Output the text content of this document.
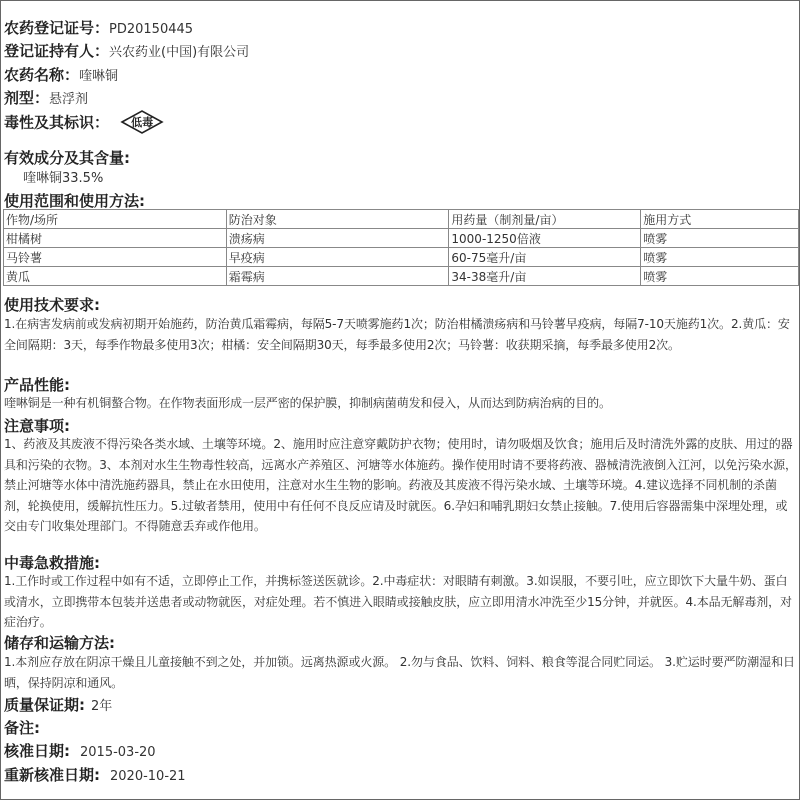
农药登记证号： PD20150445
登记证持有人： 兴农药业(中国)有限公司
农药名称： 喹啉铜
剂型： 悬浮剂
毒性及其标识：	低毒
有效成分及其含量:
喹啉铜33.5%
使用范围和使用方法:
作物/场所	防治对象	用药量（制剂量/亩）	施用方式
柑橘树	溃疡病	1000-1250倍液	喷雾
马铃薯	早疫病	60-75毫升/亩	喷雾
黄瓜	霜霉病	34-38毫升/亩	喷雾
使用技术要求:
1.在病害发病前或发病初期开始施药，防治黄瓜霜霉病，每隔5-7天喷雾施药1次；防治柑橘溃疡病和马铃薯早疫病，每隔7-10天施药1次。2.黄瓜：安全间隔期：3天，每季作物最多使用3次；柑橘：安全间隔期30天，每季最多使用2次；马铃薯：收获期采摘，每季最多使用2次。
产品性能:
喹啉铜是一种有机铜螯合物。在作物表面形成一层严密的保护膜，抑制病菌萌发和侵入，从而达到防病治病的目的。
注意事项:
1、药液及其废液不得污染各类水域、土壤等环境。2、施用时应注意穿戴防护衣物；使用时，请勿吸烟及饮食；施用后及时清洗外露的皮肤、用过的器具和污染的衣物。3、本剂对水生生物毒性较高，远离水产养殖区、河塘等水体施药。操作使用时请不要将药液、器械清洗液倒入江河，以免污染水源，禁止河塘等水体中清洗施药器具，禁止在水田使用，注意对水生生物的影响。药液及其废液不得污染水域、土壤等环境。4.建议选择不同机制的杀菌剂，轮换使用，缓解抗性压力。5.过敏者禁用，使用中有任何不良反应请及时就医。6.孕妇和哺乳期妇女禁止接触。7.使用后容器需集中深埋处理，或交由专门收集处理部门。不得随意丢弃或作他用。
中毒急救措施:
1.工作时或工作过程中如有不适，立即停止工作，并携标签送医就诊。2.中毒症状：对眼睛有刺激。3.如误服，不要引吐，应立即饮下大量牛奶、蛋白或清水，立即携带本包装并送患者或动物就医，对症处理。若不慎进入眼睛或接触皮肤，应立即用清水冲洗至少15分钟，并就医。4.本品无解毒剂，对症治疗。
储存和运输方法:
1.本剂应存放在阴凉干燥且儿童接触不到之处，并加锁。远离热源或火源。 2.勿与食品、饮料、饲料、粮食等混合同贮同运。 3.贮运时要严防潮湿和日晒，保持阴凉和通风。
质量保证期: 2年
备注:
核准日期: 2015-03-20
重新核准日期: 2020-10-21
